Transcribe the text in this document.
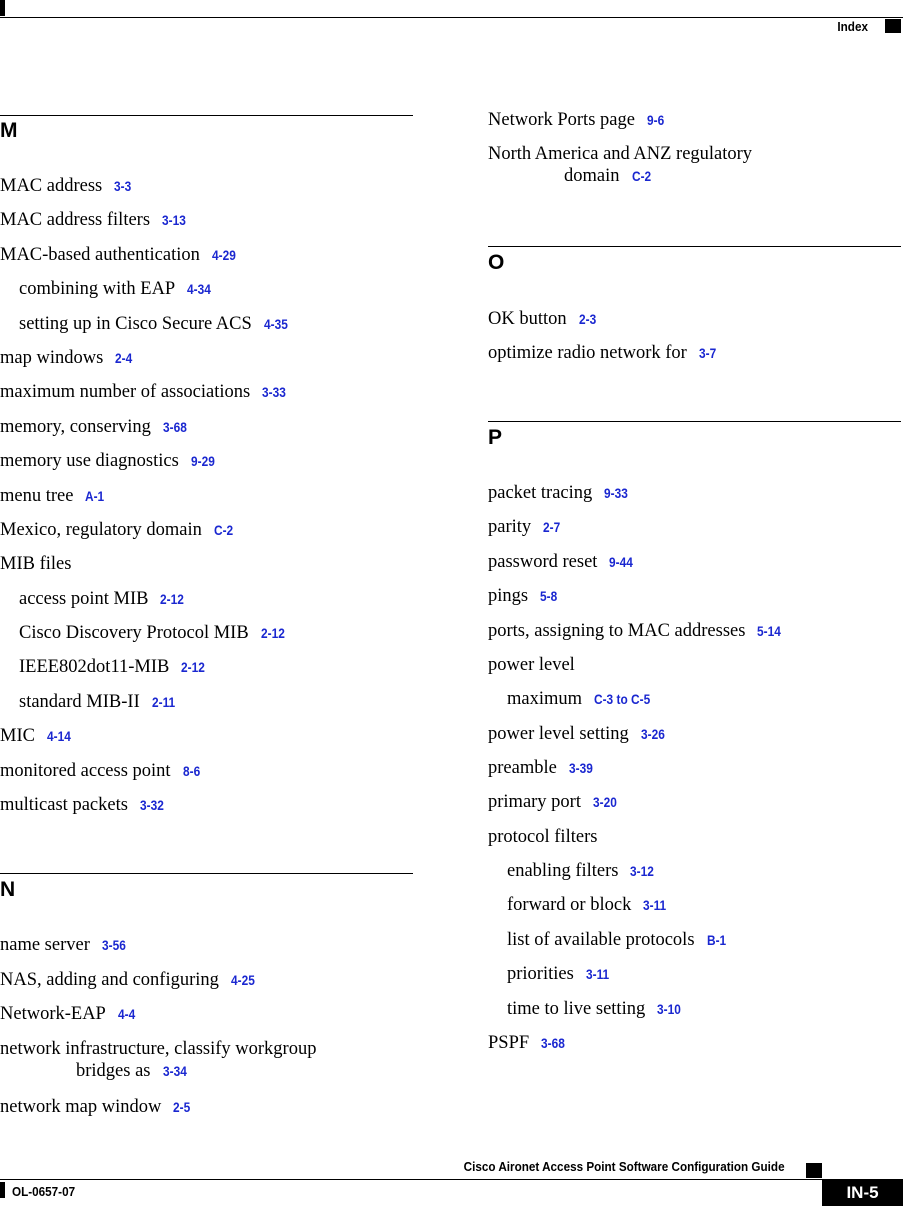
Index
M
MAC address 3-3
MAC address filters 3-13
MAC-based authentication 4-29
combining with EAP 4-34
setting up in Cisco Secure ACS 4-35
map windows 2-4
maximum number of associations 3-33
memory, conserving 3-68
memory use diagnostics 9-29
menu tree A-1
Mexico, regulatory domain C-2
MIB files
access point MIB 2-12
Cisco Discovery Protocol MIB 2-12
IEEE802dot11-MIB 2-12
standard MIB-II 2-11
MIC 4-14
monitored access point 8-6
multicast packets 3-32
N
name server 3-56
NAS, adding and configuring 4-25
Network-EAP 4-4
network infrastructure, classify workgroup
bridges as 3-34
network map window 2-5
Network Ports page 9-6
North America and ANZ regulatory
domain C-2
O
OK button 2-3
optimize radio network for 3-7
P
packet tracing 9-33
parity 2-7
password reset 9-44
pings 5-8
ports, assigning to MAC addresses 5-14
power level
maximum C-3 to C-5
power level setting 3-26
preamble 3-39
primary port 3-20
protocol filters
enabling filters 3-12
forward or block 3-11
list of available protocols B-1
priorities 3-11
time to live setting 3-10
PSPF 3-68
Cisco Aironet Access Point Software Configuration Guide
OL-0657-07	IN-5
